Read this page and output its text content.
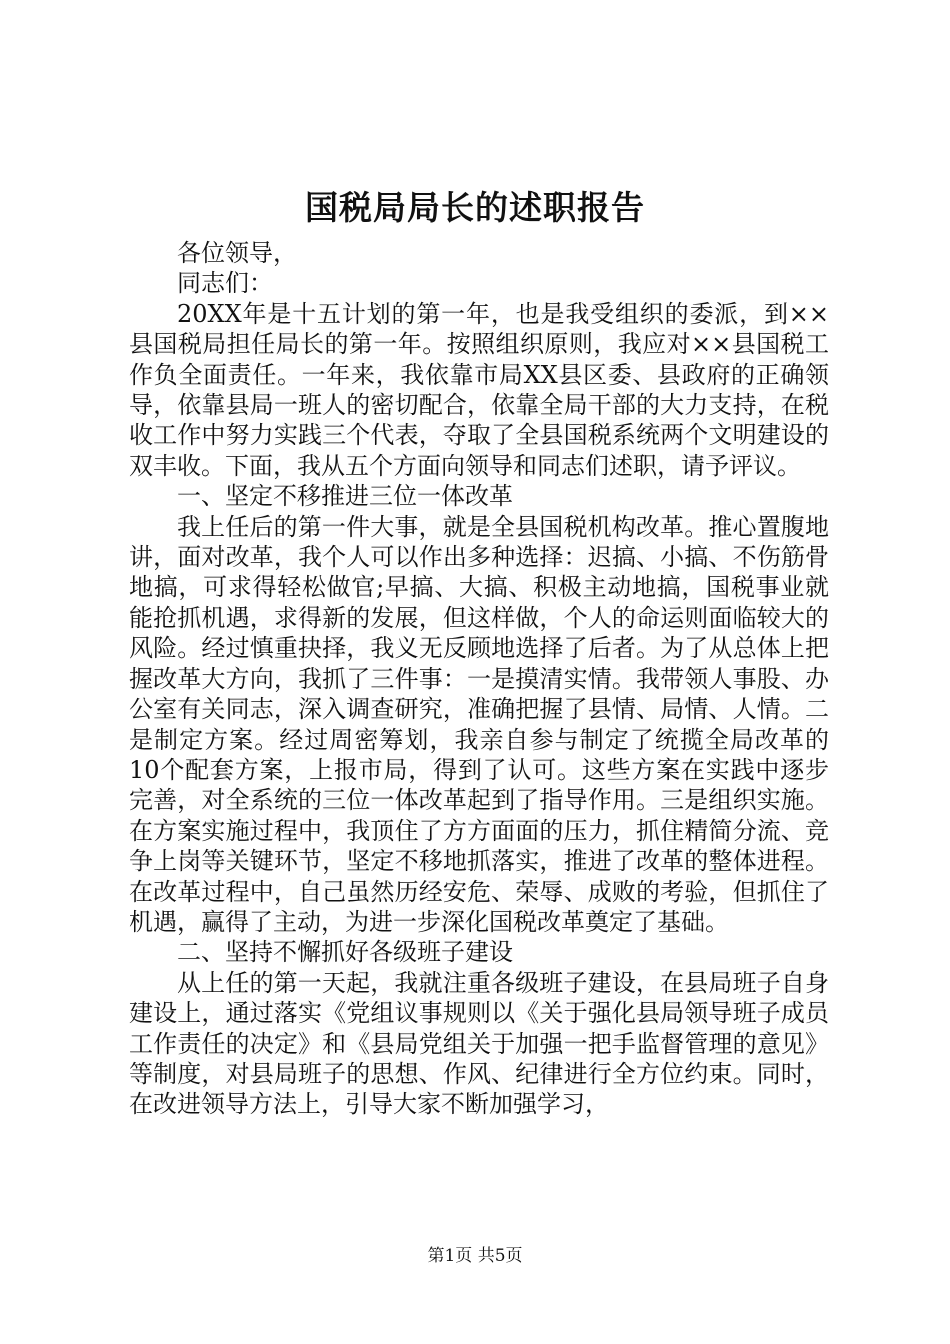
国税局局长的述职报告

各位领导，

同志们：

20XX年是十五计划的第一年，也是我受组织的委派，到××县国税局担任局长的第一年。按照组织原则，我应对××县国税工作负全面责任。一年来，我依靠市局XX县区委、县政府的正确领导，依靠县局一班人的密切配合，依靠全局干部的大力支持，在税收工作中努力实践三个代表，夺取了全县国税系统两个文明建设的双丰收。下面，我从五个方面向领导和同志们述职，请予评议。

一、坚定不移推进三位一体改革

我上任后的第一件大事，就是全县国税机构改革。推心置腹地讲，面对改革，我个人可以作出多种选择：迟搞、小搞、不伤筋骨地搞，可求得轻松做官;早搞、大搞、积极主动地搞，国税事业就能抢抓机遇，求得新的发展，但这样做，个人的命运则面临较大的风险。经过慎重抉择，我义无反顾地选择了后者。为了从总体上把握改革大方向，我抓了三件事：一是摸清实情。我带领人事股、办公室有关同志，深入调查研究，准确把握了县情、局情、人情。二是制定方案。经过周密筹划，我亲自参与制定了统揽全局改革的10个配套方案，上报市局，得到了认可。这些方案在实践中逐步完善，对全系统的三位一体改革起到了指导作用。三是组织实施。在方案实施过程中，我顶住了方方面面的压力，抓住精简分流、竞争上岗等关键环节，坚定不移地抓落实，推进了改革的整体进程。在改革过程中，自己虽然历经安危、荣辱、成败的考验，但抓住了机遇，赢得了主动，为进一步深化国税改革奠定了基础。

二、坚持不懈抓好各级班子建设

从上任的第一天起，我就注重各级班子建设，在县局班子自身建设上，通过落实《党组议事规则以《关于强化县局领导班子成员工作责任的决定》和《县局党组关于加强一把手监督管理的意见》等制度，对县局班子的思想、作风、纪律进行全方位约束。同时，在改进领导方法上，引导大家不断加强学习，

第1页 共5页
